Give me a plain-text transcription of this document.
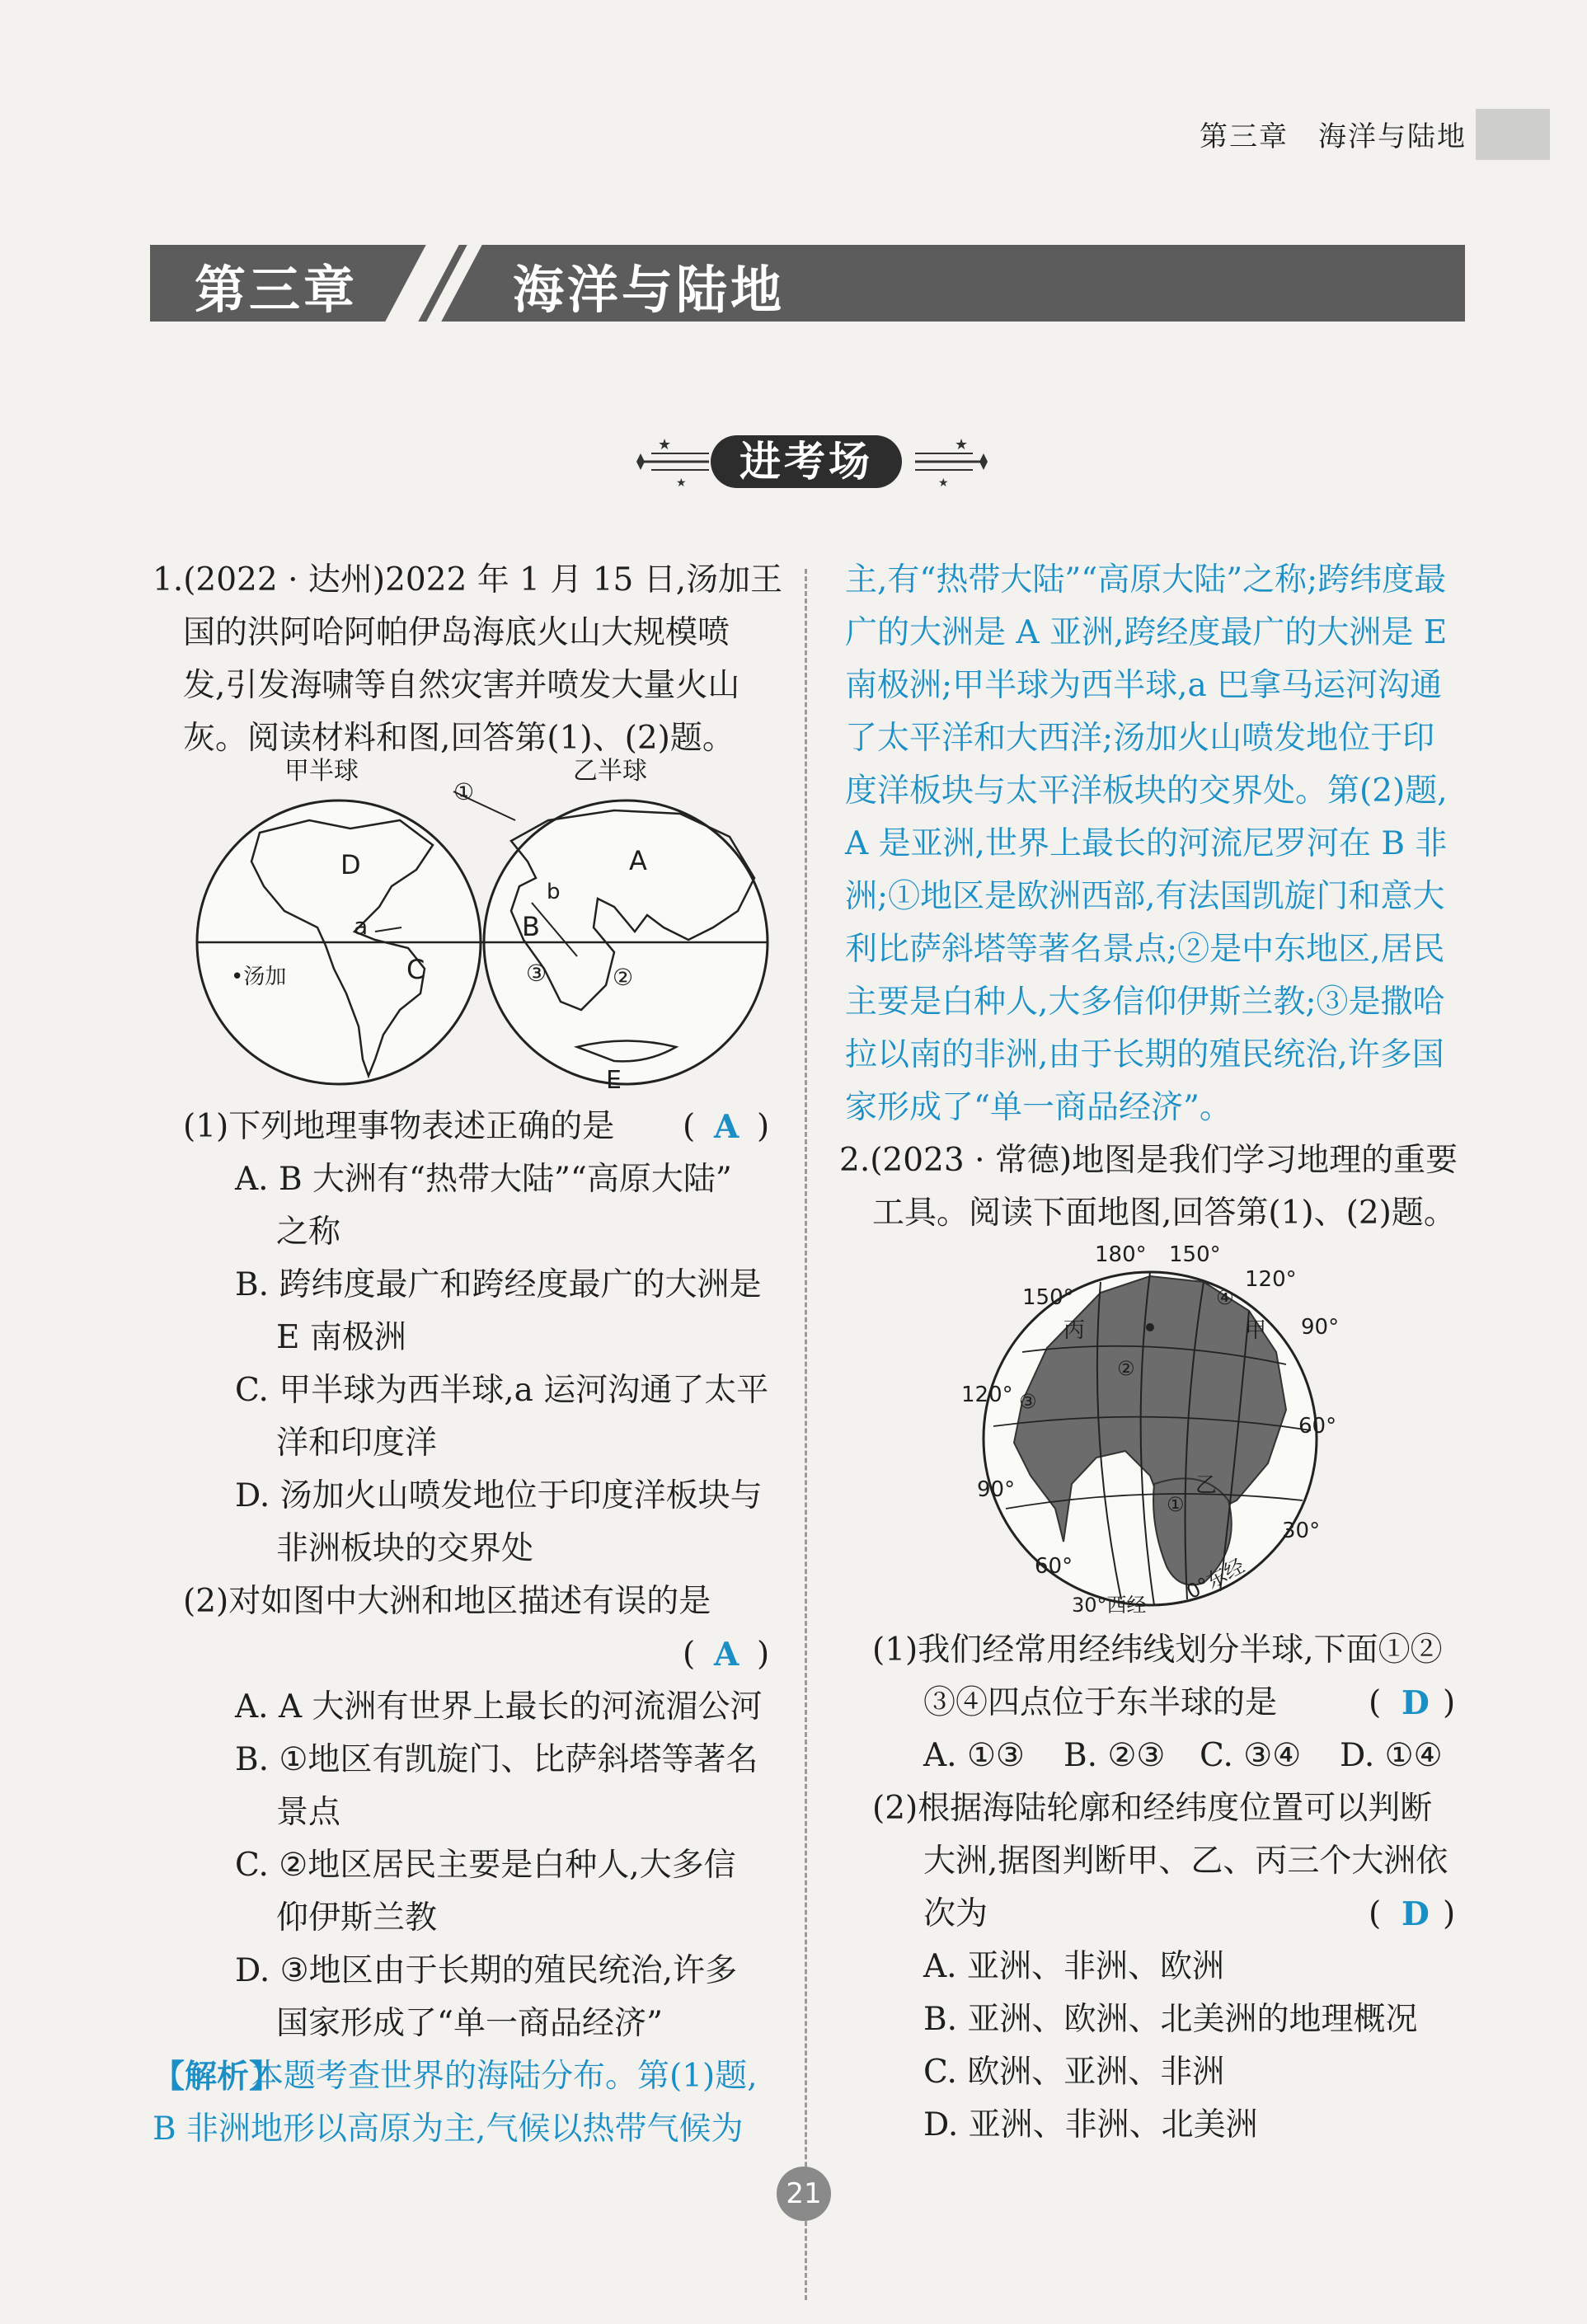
第三章　海洋与陆地
第三章	海洋与陆地
★	★
★	★
进考场
1.(2022 · 达州)2022 年 1 月 15 日,汤加王
国的洪阿哈阿帕伊岛海底火山大规模喷
发,引发海啸等自然灾害并喷发大量火山
灰。阅读材料和图,回答第(1)、(2)题。
甲半球	乙半球
D
a
C
•汤加
①
A
b
B
③	②
E
(1)下列地理事物表述正确的是 ( A )
A. B 大洲有“热带大陆”“高原大陆”
之称
B. 跨纬度最广和跨经度最广的大洲是
E 南极洲
C. 甲半球为西半球,a 运河沟通了太平
洋和印度洋
D. 汤加火山喷发地位于印度洋板块与
非洲板块的交界处
(2)对如图中大洲和地区描述有误的是
( A )
A. A 大洲有世界上最长的河流湄公河
B. ①地区有凯旋门、比萨斜塔等著名
景点
C. ②地区居民主要是白种人,大多信
仰伊斯兰教
D. ③地区由于长期的殖民统治,许多
国家形成了“单一商品经济”
【解析】
本题考查世界的海陆分布。第(1)题,
B 非洲地形以高原为主,气候以热带气候为
主,有“热带大陆”“高原大陆”之称;跨纬度最
广的大洲是 A 亚洲,跨经度最广的大洲是 E
南极洲;甲半球为西半球,a 巴拿马运河沟通
了太平洋和大西洋;汤加火山喷发地位于印
度洋板块与太平洋板块的交界处。第(2)题,
A 是亚洲,世界上最长的河流尼罗河在 B 非
洲;①地区是欧洲西部,有法国凯旋门和意大
利比萨斜塔等著名景点;②是中东地区,居民
主要是白种人,大多信仰伊斯兰教;③是撒哈
拉以南的非洲,由于长期的殖民统治,许多国
家形成了“单一商品经济”。
2.(2023 · 常德)地图是我们学习地理的重要
工具。阅读下面地图,回答第(1)、(2)题。
180° 150°
120°
150°	④
丙	甲 90°
②
120° ③
60°
90°	乙
①
30°
60°
30°西经
0°东经
(1)我们经常用经纬线划分半球,下面①②
③④四点位于东半球的是	( D )
A. ①③ B. ②③ C. ③④ D. ①④
(2)根据海陆轮廓和经纬度位置可以判断
大洲,据图判断甲、乙、丙三个大洲依
次为	( D )
A. 亚洲、非洲、欧洲
B. 亚洲、欧洲、北美洲的地理概况
C. 欧洲、亚洲、非洲
D. 亚洲、非洲、北美洲
21
